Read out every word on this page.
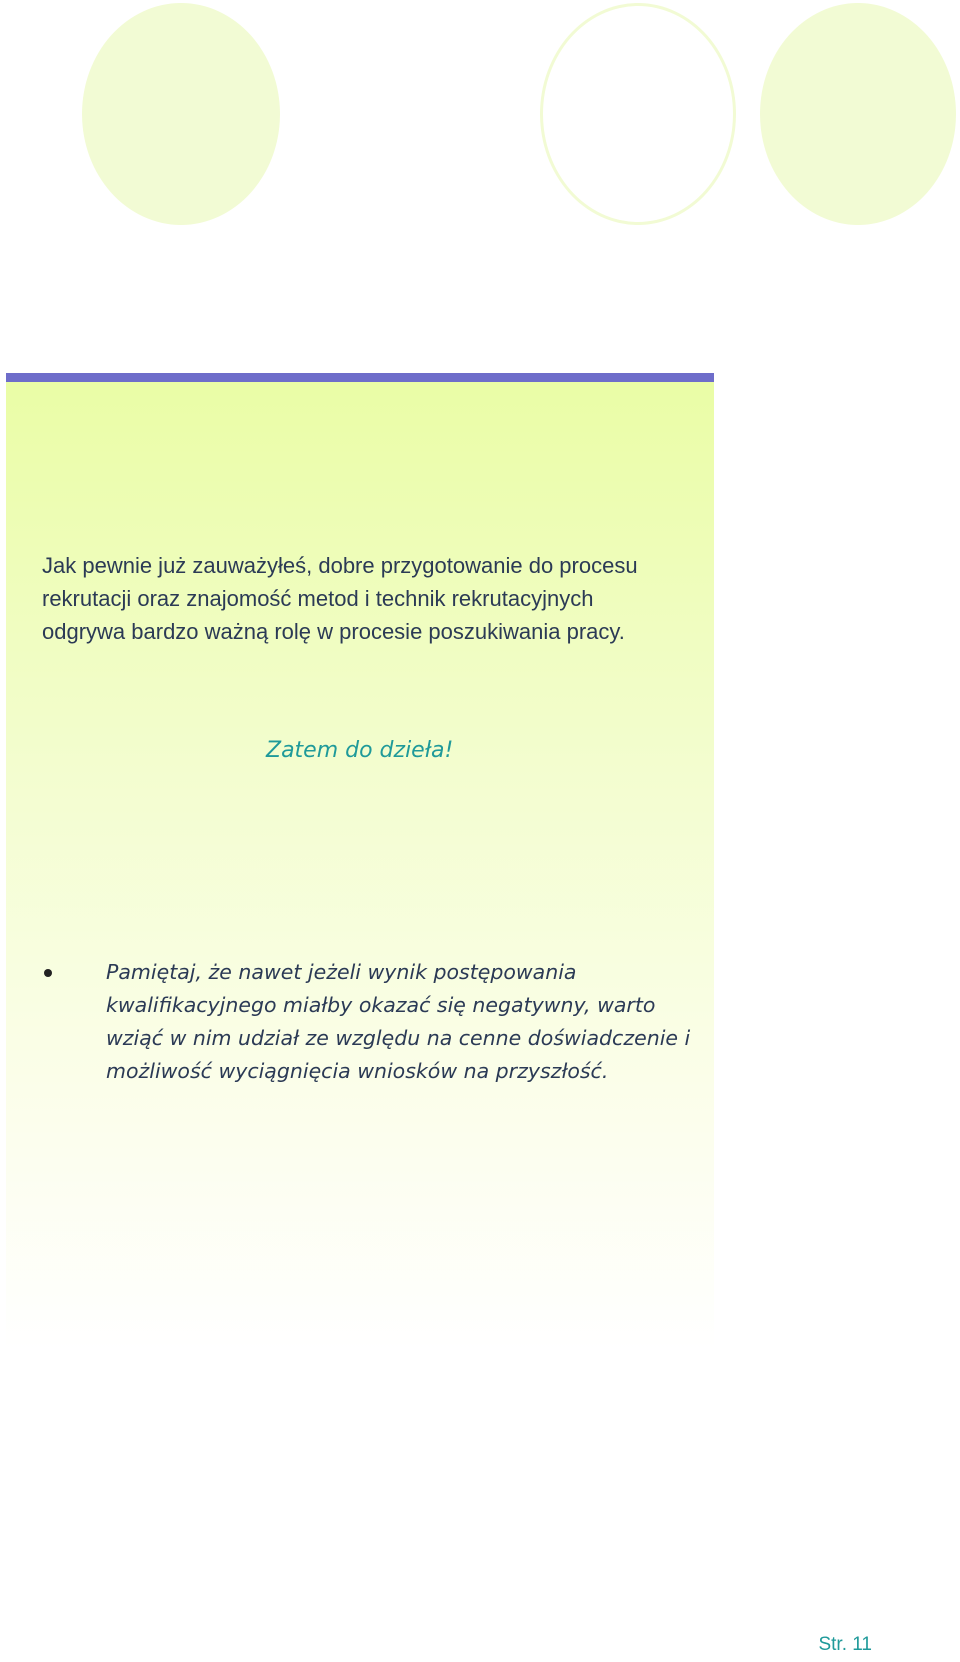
Jak pewnie już zauważyłeś, dobre przygotowanie do procesu rekrutacji oraz znajomość metod i technik rekrutacyjnych odgrywa bardzo ważną rolę w procesie poszukiwania pracy.

Zatem do dzieła!

Pamiętaj, że nawet jeżeli wynik postępowania kwalifikacyjnego miałby okazać się negatywny, warto wziąć w nim udział ze względu na cenne doświadczenie i możliwość wyciągnięcia wniosków na przyszłość.

Str. 11
